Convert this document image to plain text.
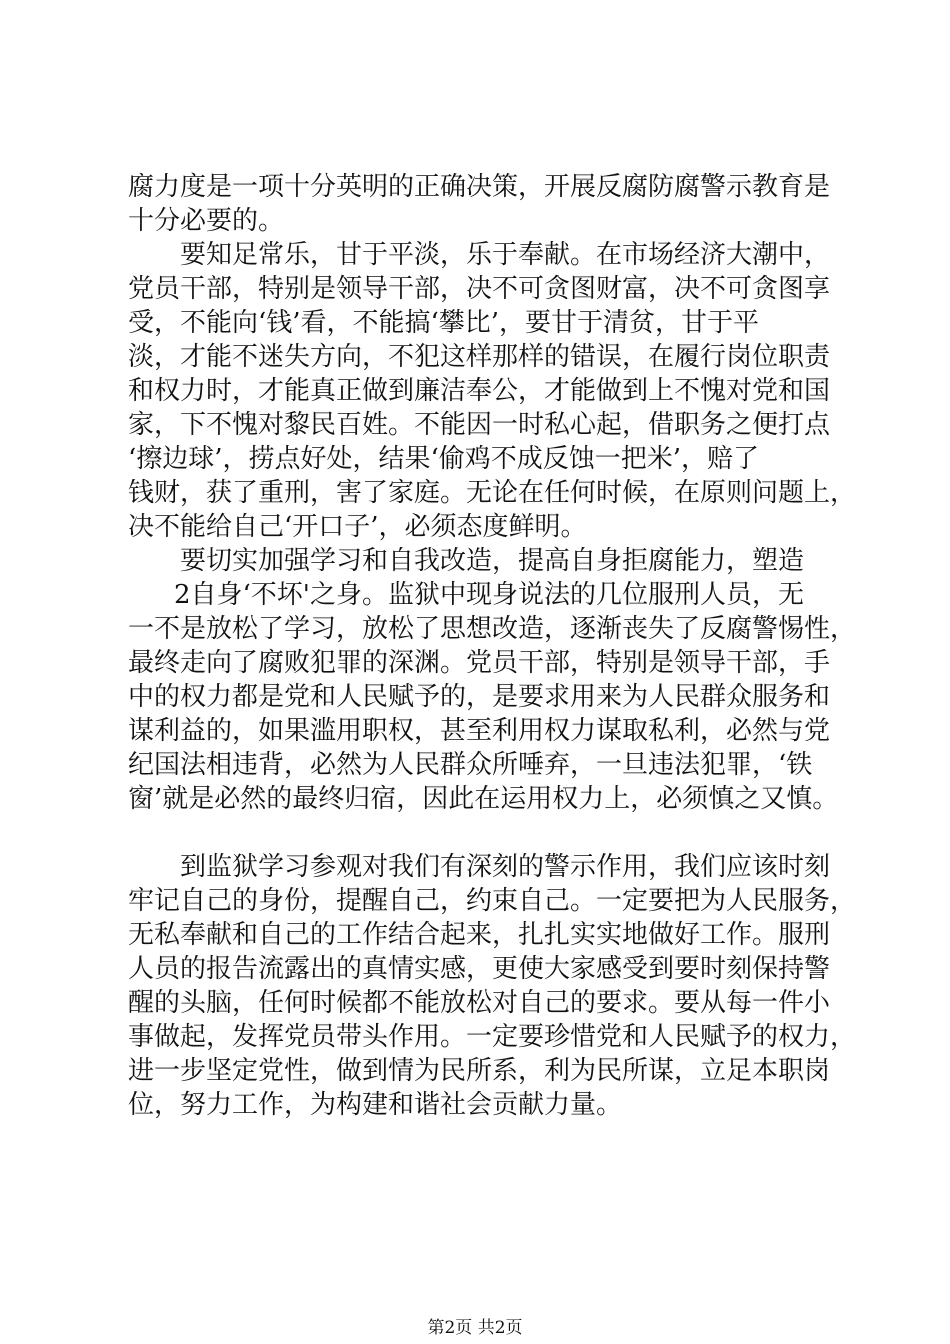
腐力度是一项十分英明的正确决策，开展反腐防腐警示教育是
十分必要的。
要知足常乐，甘于平淡，乐于奉献。在市场经济大潮中，
党员干部，特别是领导干部，决不可贪图财富，决不可贪图享
受，不能向‘钱’看，不能搞‘攀比’，要甘于清贫，甘于平
淡，才能不迷失方向，不犯这样那样的错误，在履行岗位职责
和权力时，才能真正做到廉洁奉公，才能做到上不愧对党和国
家，下不愧对黎民百姓。不能因一时私心起，借职务之便打点
‘擦边球’，捞点好处，结果‘偷鸡不成反蚀一把米’，赔了
钱财，获了重刑，害了家庭。无论在任何时候，在原则问题上，
决不能给自己‘开口子’，必须态度鲜明。
要切实加强学习和自我改造，提高自身拒腐能力，塑造
2自身‘不坏'之身。监狱中现身说法的几位服刑人员，无
一不是放松了学习，放松了思想改造，逐渐丧失了反腐警惕性，
最终走向了腐败犯罪的深渊。党员干部，特别是领导干部，手
中的权力都是党和人民赋予的，是要求用来为人民群众服务和
谋利益的，如果滥用职权，甚至利用权力谋取私利，必然与党
纪国法相违背，必然为人民群众所唾弃，一旦违法犯罪，‘铁
窗’就是必然的最终归宿，因此在运用权力上，必须慎之又慎。
到监狱学习参观对我们有深刻的警示作用，我们应该时刻
牢记自己的身份，提醒自己，约束自己。一定要把为人民服务，
无私奉献和自己的工作结合起来，扎扎实实地做好工作。服刑
人员的报告流露出的真情实感，更使大家感受到要时刻保持警
醒的头脑，任何时候都不能放松对自己的要求。要从每一件小
事做起，发挥党员带头作用。一定要珍惜党和人民赋予的权力，
进一步坚定党性，做到情为民所系，利为民所谋，立足本职岗
位，努力工作，为构建和谐社会贡献力量。
第2页 共2页
